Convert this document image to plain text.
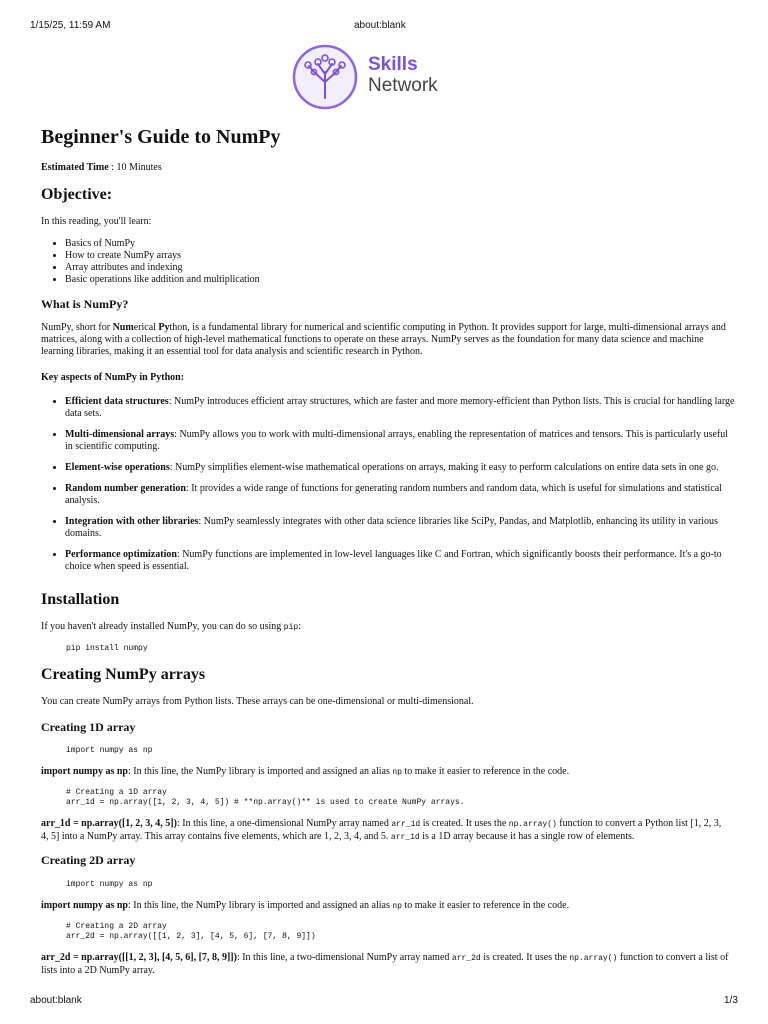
1/15/25, 11:59 AM	about:blank
Skills
Network
Beginner's Guide to NumPy

Estimated Time : 10 Minutes

Objective:

In this reading, you'll learn:

• Basics of NumPy
• How to create NumPy arrays
• Array attributes and indexing
• Basic operations like addition and multiplication
What is NumPy?

NumPy, short for Numerical Python, is a fundamental library for numerical and scientific computing in Python. It provides support for large, multi-dimensional arrays and matrices, along with a collection of high-level mathematical functions to operate on these arrays. NumPy serves as the foundation for many data science and machine learning libraries, making it an essential tool for data analysis and scientific research in Python.

Key aspects of NumPy in Python:
• Efficient data structures: NumPy introduces efficient array structures, which are faster and more memory-efficient than Python lists. This is crucial for handling large data sets.
• Multi-dimensional arrays: NumPy allows you to work with multi-dimensional arrays, enabling the representation of matrices and tensors. This is particularly useful in scientific computing.
• Element-wise operations: NumPy simplifies element-wise mathematical operations on arrays, making it easy to perform calculations on entire data sets in one go.
• Random number generation: It provides a wide range of functions for generating random numbers and random data, which is useful for simulations and statistical analysis.
• Integration with other libraries: NumPy seamlessly integrates with other data science libraries like SciPy, Pandas, and Matplotlib, enhancing its utility in various domains.
• Performance optimization: NumPy functions are implemented in low-level languages like C and Fortran, which significantly boosts their performance. It's a go-to choice when speed is essential.
Installation

If you haven't already installed NumPy, you can do so using pip:

pip install numpy
Creating NumPy arrays

You can create NumPy arrays from Python lists. These arrays can be one-dimensional or multi-dimensional.

Creating 1D array
import numpy as np

import numpy as np: In this line, the NumPy library is imported and assigned an alias np to make it easier to reference in the code.

# Creating a 1D array
arr_1d = np.array([1, 2, 3, 4, 5]) # **np.array()** is used to create NumPy arrays.

arr_1d = np.array([1, 2, 3, 4, 5]): In this line, a one-dimensional NumPy array named arr_1d is created. It uses the np.array() function to convert a Python list [1, 2, 3, 4, 5] into a NumPy array. This array contains five elements, which are 1, 2, 3, 4, and 5. arr_1d is a 1D array because it has a single row of elements.

Creating 2D array
import numpy as np

import numpy as np: In this line, the NumPy library is imported and assigned an alias np to make it easier to reference in the code.

# Creating a 2D array
arr_2d = np.array([[1, 2, 3], [4, 5, 6], [7, 8, 9]])

arr_2d = np.array([[1, 2, 3], [4, 5, 6], [7, 8, 9]]): In this line, a two-dimensional NumPy array named arr_2d is created. It uses the np.array() function to convert a list of lists into a 2D NumPy array.

about:blank	1/3
